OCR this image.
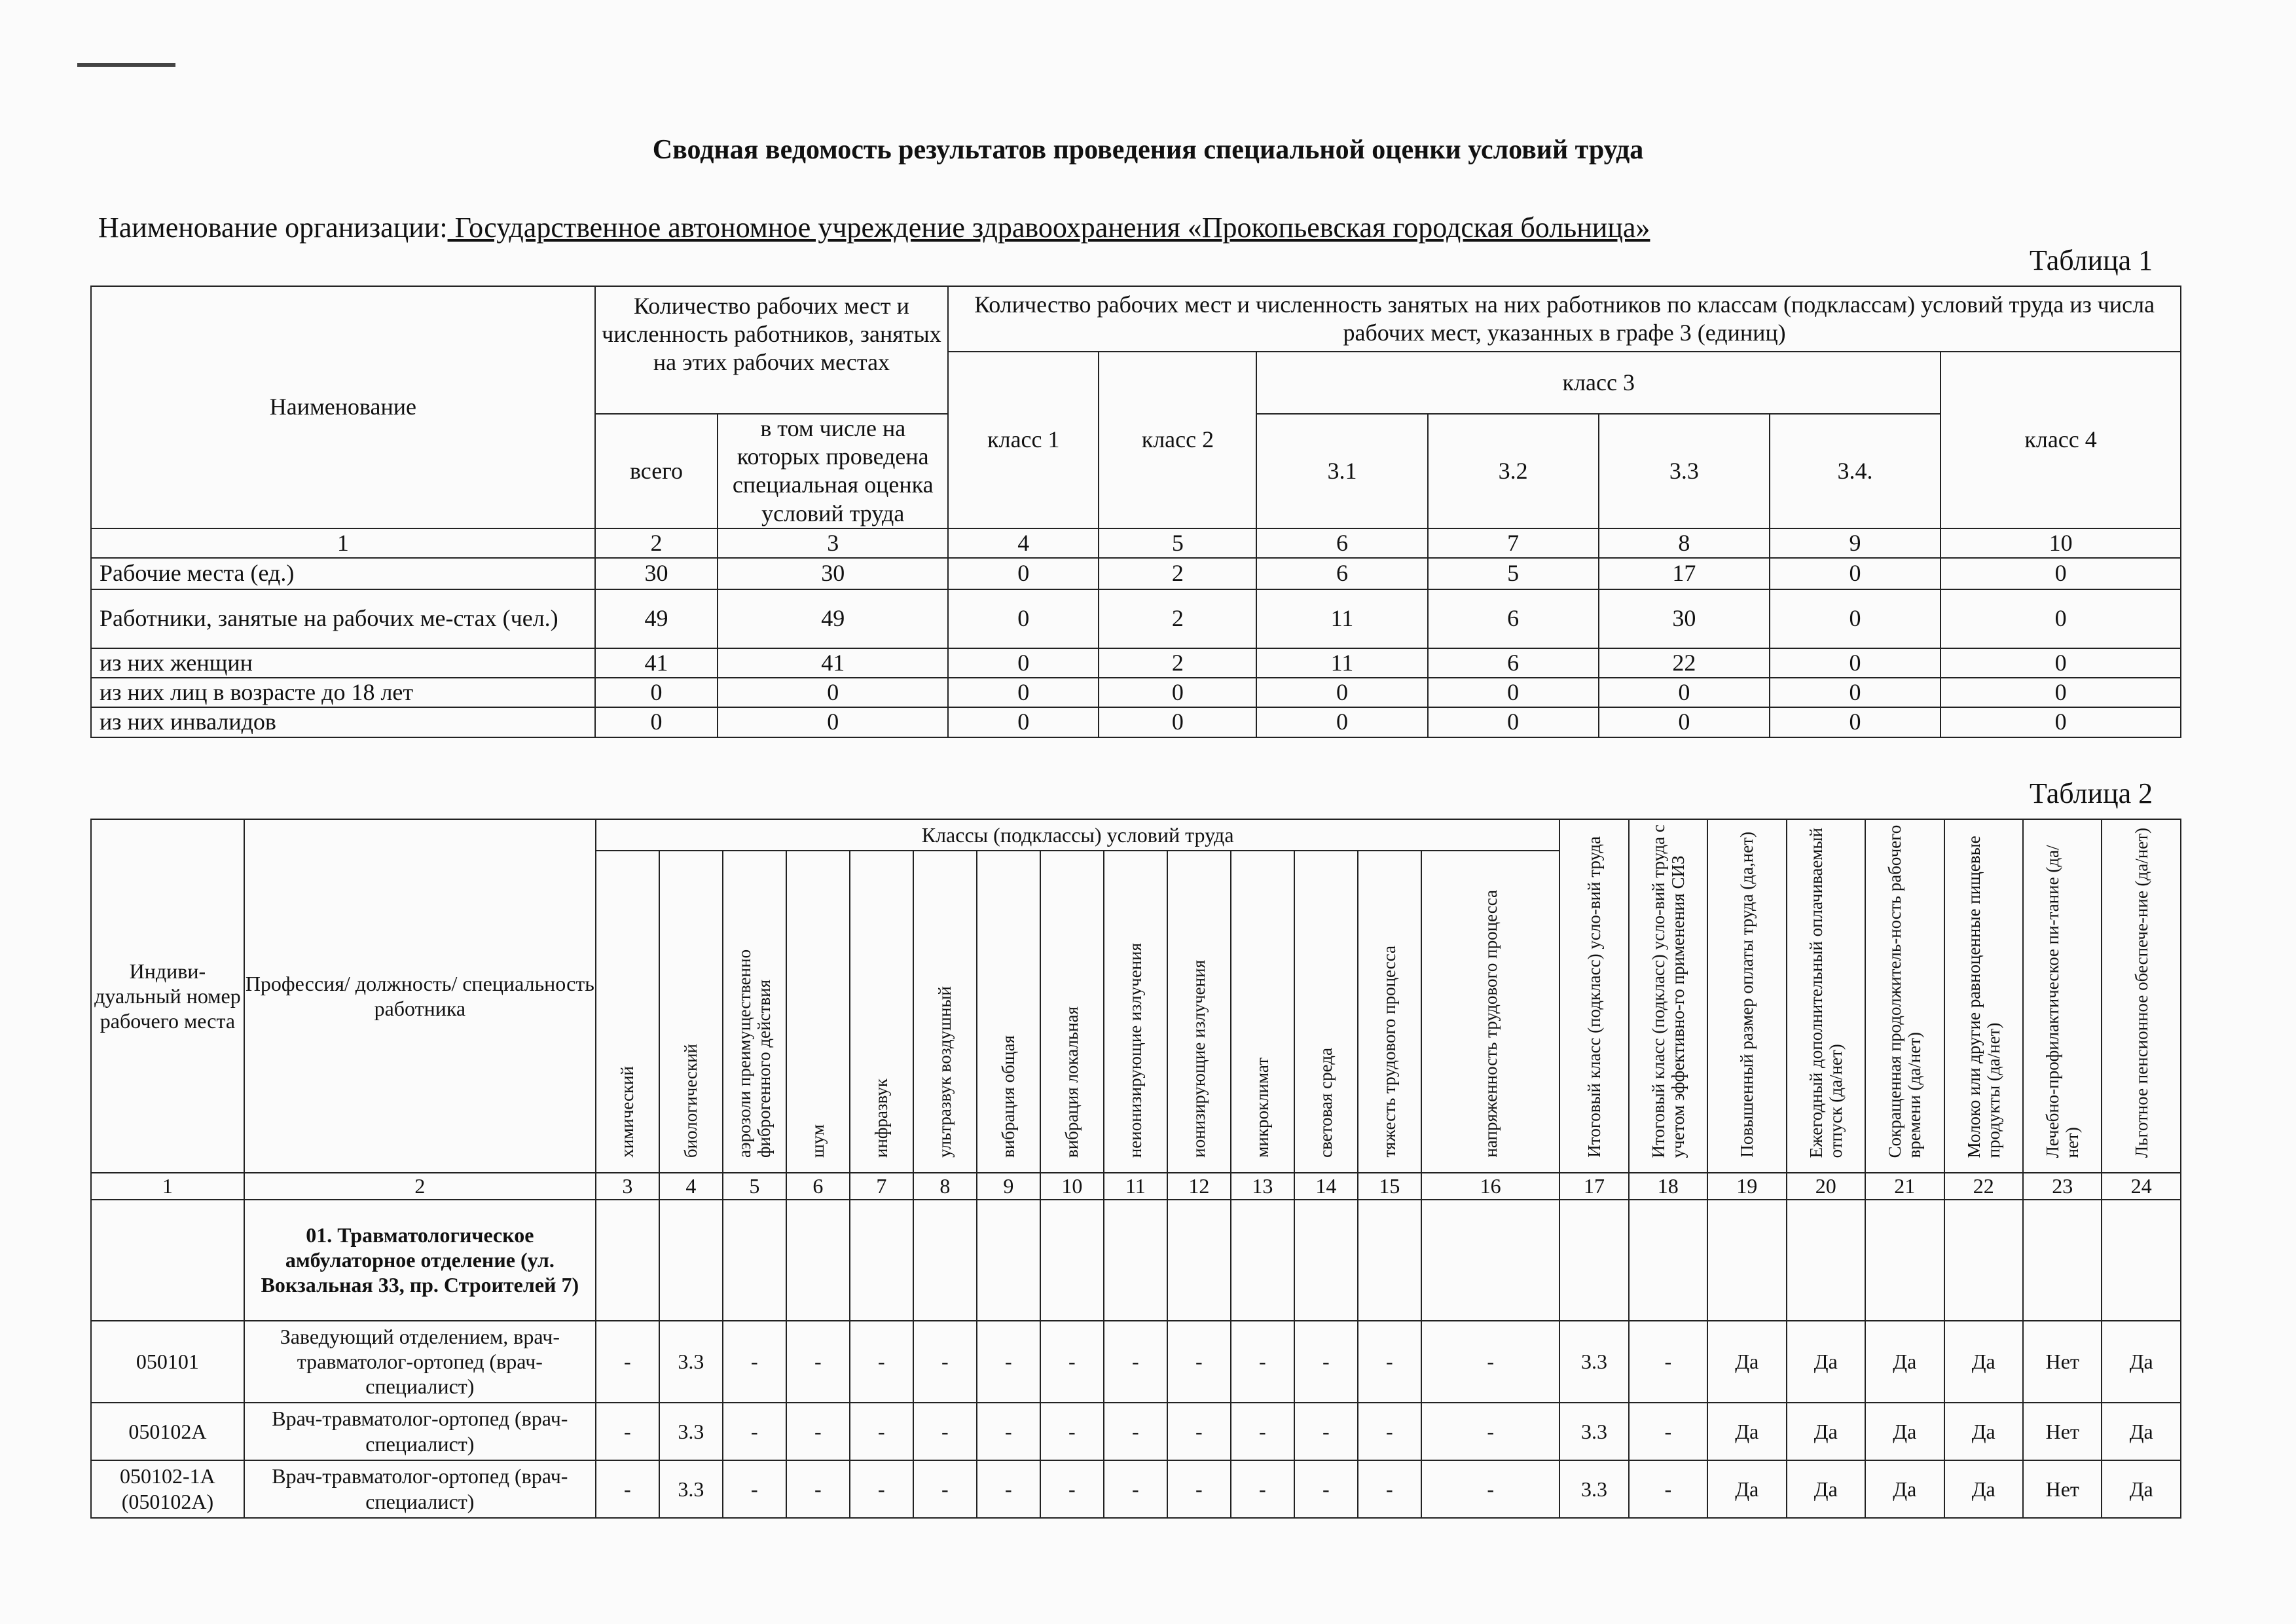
Сводная ведомость результатов проведения специальной оценки условий труда
Наименование организации: Государственное автономное учреждение здравоохранения «Прокопьевская городская больница»
Таблица 1
Наименование	Количество рабочих мест и численность работников, занятых на этих рабочих местах		Количество рабочих мест и численность занятых на них работников по классам (подклассам) условий труда из числа рабочих мест, указанных в графе 3 (единиц)						
			класс 1	класс 2	класс 3				класс 4
	всего	в том числе на которых проведена специальная оценка условий труда			3.1	3.2	3.3	3.4.	
1	2	3	4	5	6	7	8	9	10
Рабочие места (ед.)	30	30	0	2	6	5	17	0	0
Работники, занятые на рабочих ме-стах (чел.)	49	49	0	2	11	6	30	0	0
из них женщин	41	41	0	2	11	6	22	0	0
из них лиц в возрасте до 18 лет	0	0	0	0	0	0	0	0	0
из них инвалидов	0	0	0	0	0	0	0	0	0
Таблица 2
Индиви-дуальный номер рабочего места	Профессия/ должность/ специальность работника	Классы (подклассы) условий труда														Итоговый класс (подкласс) усло-вий труда	Итоговый класс (подкласс) усло-вий труда с учетом эффективно-го применения СИЗ	Повышенный размер оплаты труда (да,нет)	Ежегодный дополнительный оплачиваемый отпуск (да/нет)	Сокращенная продолжитель-ность рабочего времени (да/нет)	Молоко или другие равноценные пищевые продукты (да/нет)	Лечебно-профилактическое пи-тание (да/нет)	Льготное пенсионное обеспече-ние (да/нет)
		химический	биологический	аэрозоли преимущественно фиброгенного действия	шум	инфразвук	ультразвук воздушный	вибрация общая	вибрация локальная	неионизирующие излучения	ионизирующие излучения	микроклимат	световая среда	тяжесть трудового процесса	напряженность трудового процесса								
1	2	3	4	5	6	7	8	9	10	11	12	13	14	15	16	17	18	19	20	21	22	23	24
	01. Травматологическое амбулаторное отделение (ул. Вокзальная 33, пр. Строителей 7)																						
050101	Заведующий отделением, врач- травматолог-ортопед (врач-специалист)	-	3.3	-	-	-	-	-	-	-	-	-	-	-	-	3.3	-	Да	Да	Да	Да	Нет	Да
050102А	Врач-травматолог-ортопед (врач-специалист)	-	3.3	-	-	-	-	-	-	-	-	-	-	-	-	3.3	-	Да	Да	Да	Да	Нет	Да
050102-1А (050102А)	Врач-травматолог-ортопед (врач-специалист)	-	3.3	-	-	-	-	-	-	-	-	-	-	-	-	3.3	-	Да	Да	Да	Да	Нет	Да
